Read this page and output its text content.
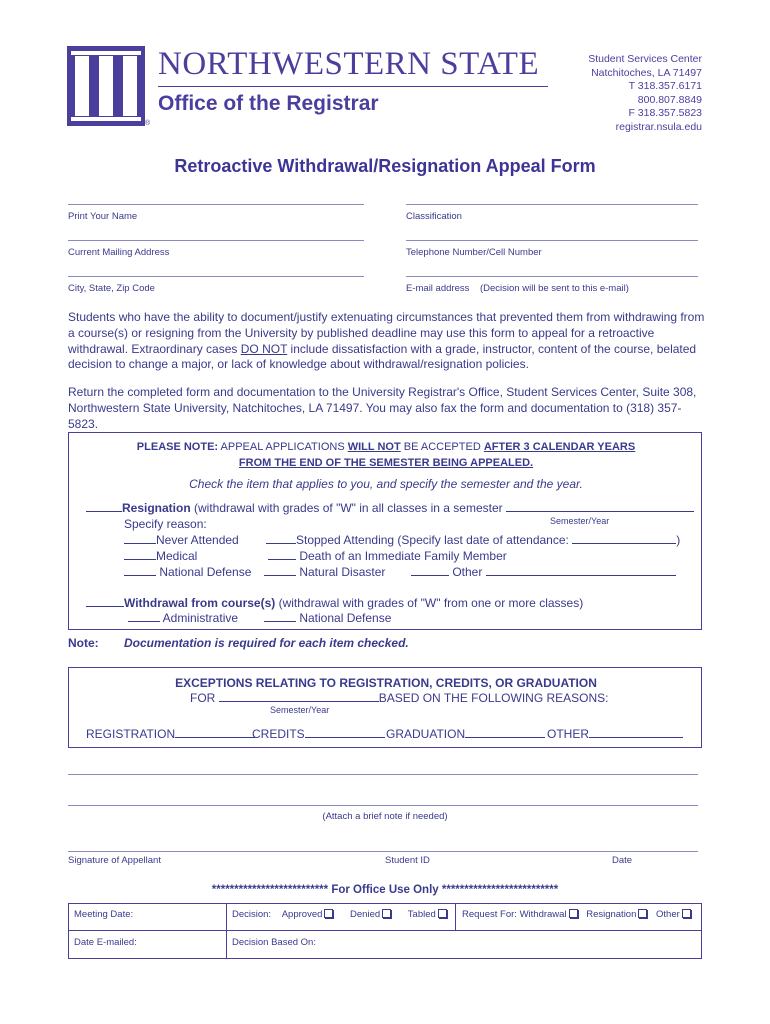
®
NORTHWESTERN STATE
Office of the Registrar
Student Services Center
Natchitoches, LA 71497
T 318.357.6171
800.807.8849
F 318.357.5823
registrar.nsula.edu
Retroactive Withdrawal/Resignation Appeal Form
Print Your Name	Classification
Current Mailing Address	Telephone Number/Cell Number
City, State, Zip Code	E-mail address (Decision will be sent to this e-mail)
Students who have the ability to document/justify extenuating circumstances that prevented them from withdrawing from a course(s) or resigning from the University by published deadline may use this form to appeal for a retroactive withdrawal. Extraordinary cases DO NOT include dissatisfaction with a grade, instructor, content of the course, belated decision to change a major, or lack of knowledge about withdrawal/resignation policies.
Return the completed form and documentation to the University Registrar's Office, Student Services Center, Suite 308, Northwestern State University, Natchitoches, LA 71497. You may also fax the form and documentation to (318) 357-5823.
PLEASE NOTE: APPEAL APPLICATIONS WILL NOT BE ACCEPTED AFTER 3 CALENDAR YEARS
FROM THE END OF THE SEMESTER BEING APPEALED.
Check the item that applies to you, and specify the semester and the year.
Resignation (withdrawal with grades of "W" in all classes in a semester
Semester/Year
Specify reason:
Never Attended	Stopped Attending (Specify last date of attendance:	)
Medical	Death of an Immediate Family Member
National Defense	Natural Disaster	Other
Withdrawal from course(s) (withdrawal with grades of "W" from one or more classes)
Administrative	National Defense
Note: Documentation is required for each item checked.
EXCEPTIONS RELATING TO REGISTRATION, CREDITS, OR GRADUATION
FOR	BASED ON THE FOLLOWING REASONS:
Semester/Year
REGISTRATION	CREDITS	GRADUATION	OTHER
(Attach a brief note if needed)
Signature of Appellant	Student ID	Date
************************** For Office Use Only **************************
Meeting Date:	Decision: Approved	Denied	Tabled	Request For: Withdrawal Resignation Other
Date E-mailed:	Decision Based On:
